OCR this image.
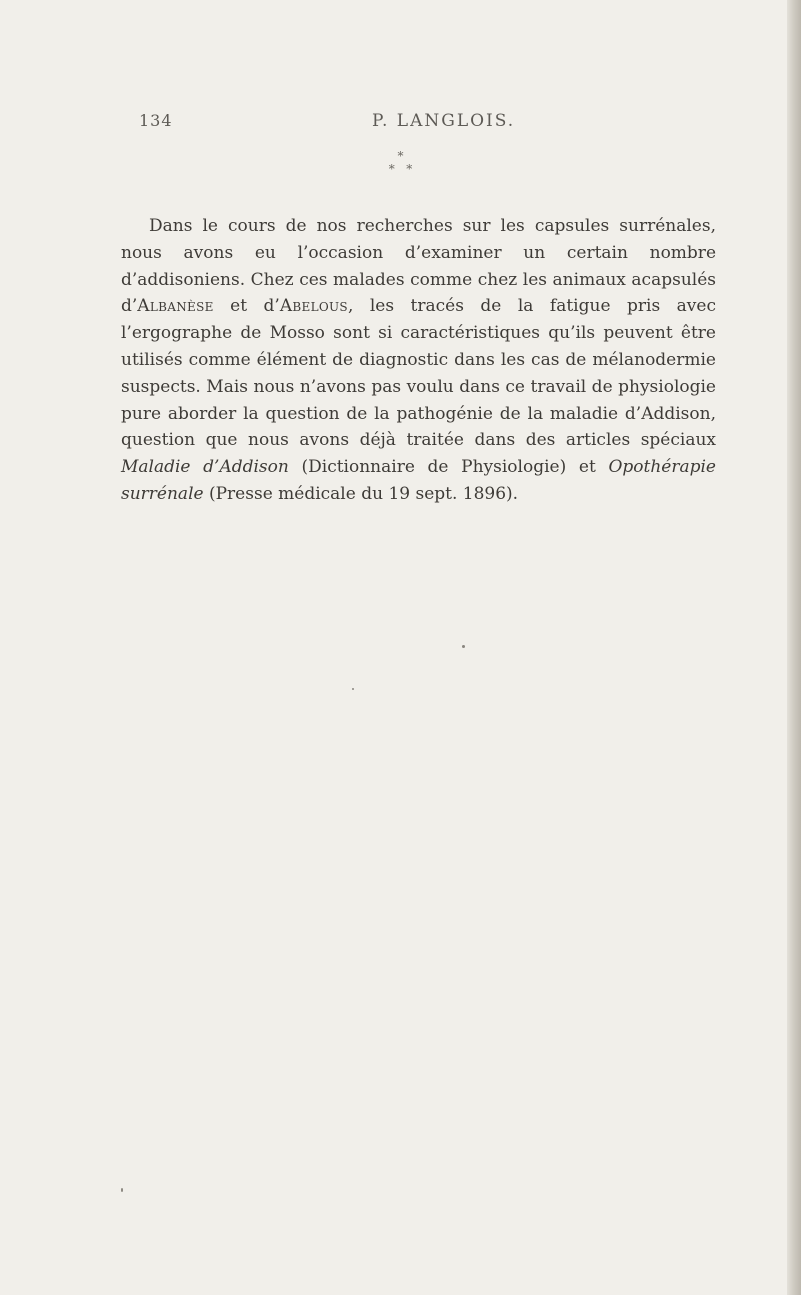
134	P. LANGLOIS.
*
*   *

Dans le cours de nos recherches sur les capsules surrénales, nous avons eu l’occasion d’examiner un certain nombre d’addisoniens. Chez ces malades comme chez les animaux acapsulés d’Albanèse et d’Abelous, les tracés de la fatigue pris avec l’ergographe de Mosso sont si caractéristiques qu’ils peuvent être utilisés comme élément de diagnostic dans les cas de mélanodermie suspects. Mais nous n’avons pas voulu dans ce travail de physiologie pure aborder la question de la pathogénie de la maladie d’Addison, question que nous avons déjà traitée dans des articles spéciaux Maladie d’Addison (Dictionnaire de Physiologie) et Opothérapie surrénale (Presse médicale du 19 sept. 1896).
